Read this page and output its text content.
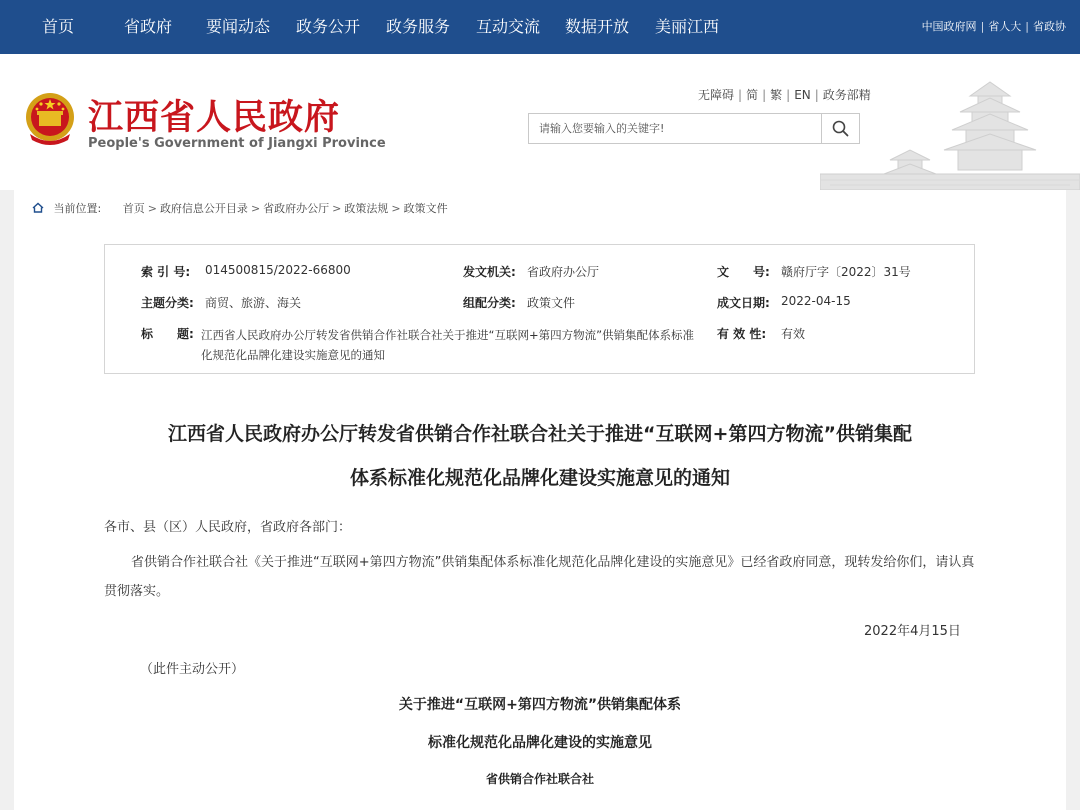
首页	省政府 要闻动态 政务公开 政务服务 互动交流 数据开放 美丽江西	中国政府网 | 省人大 | 省政协
江西省人民政府
People's Government of Jiangxi Province
无障碍 | 简 | 繁 | EN | 政务部精
请输入您要输入的关键字!
当前位置: 首页 > 政府信息公开目录 > 省政府办公厅 > 政策法规 > 政策文件
索 引 号: 014500815/2022-66800	发文机关: 省政府办公厅	文　　号: 赣府厅字〔2022〕31号
主题分类: 商贸、旅游、海关	组配分类: 政策文件	成文日期: 2022-04-15
标　　题: 江西省人民政府办公厅转发省供销合作社联合社关于推进“互联网+第四方物流”供销集配体系标准化规范化品牌化建设实施意见的通知
有 效 性: 有效
江西省人民政府办公厅转发省供销合作社联合社关于推进“互联网+第四方物流”供销集配
体系标准化规范化品牌化建设实施意见的通知
各市、县（区）人民政府，省政府各部门：
省供销合作社联合社《关于推进“互联网+第四方物流”供销集配体系标准化规范化品牌化建设的实施意见》已经省政府同意，现转发给你们，请认真贯彻落实。
2022年4月15日
（此件主动公开）
关于推进“互联网+第四方物流”供销集配体系
标准化规范化品牌化建设的实施意见
省供销合作社联合社
